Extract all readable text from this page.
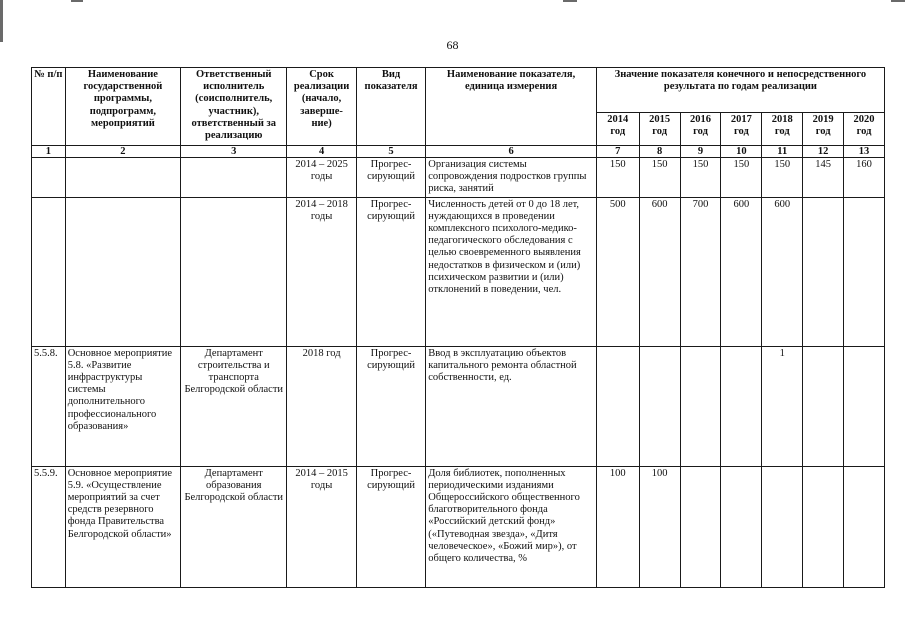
68
№ п/п	Наименование государственной программы, подпрограмм, мероприятий	Ответственный исполнитель (соисполнитель, участник), ответственный за реализацию	Срок реализации (начало, заверше- ние)	Вид показателя	Наименование показателя, единица измерения	Значение показателя конечного и непосредственного результата по годам реализации						
						2014 год	2015 год	2016 год	2017 год	2018 год	2019 год	2020 год
1	2	3	4	5	6	7	8	9	10	11	12	13
			2014 – 2025 годы	Прогрес- сирующий	Организация системы сопровождения подростков группы риска, занятий	150	150	150	150	150	145	160
			2014 – 2018 годы	Прогрес- сирующий	Численность детей от 0 до 18 лет, нуждающихся в проведении комплексного психолого-медико- педагогического обследования с целью своевременного выявления недостатков в физическом и (или) психическом развитии и (или) отклонений в поведении, чел.	500	600	700	600	600		
5.5.8.	Основное мероприятие 5.8. «Развитие инфраструктуры системы дополнительного профессионального образования»	Департамент строительства и транспорта Белгородской области	2018 год	Прогрес- сирующий	Ввод в эксплуатацию объектов капитального ремонта областной собственности, ед.					1		
5.5.9.	Основное мероприятие 5.9. «Осуществление мероприятий за счет средств резервного фонда Правительства Белгородской области»	Департамент образования Белгородской области	2014 – 2015 годы	Прогрес- сирующий	Доля библиотек, пополненных периодическими изданиями Общероссийского общественного благотворительного фонда «Российский детский фонд» («Путеводная звезда», «Дитя человеческое», «Божий мир»), от общего количества, %	100	100					
